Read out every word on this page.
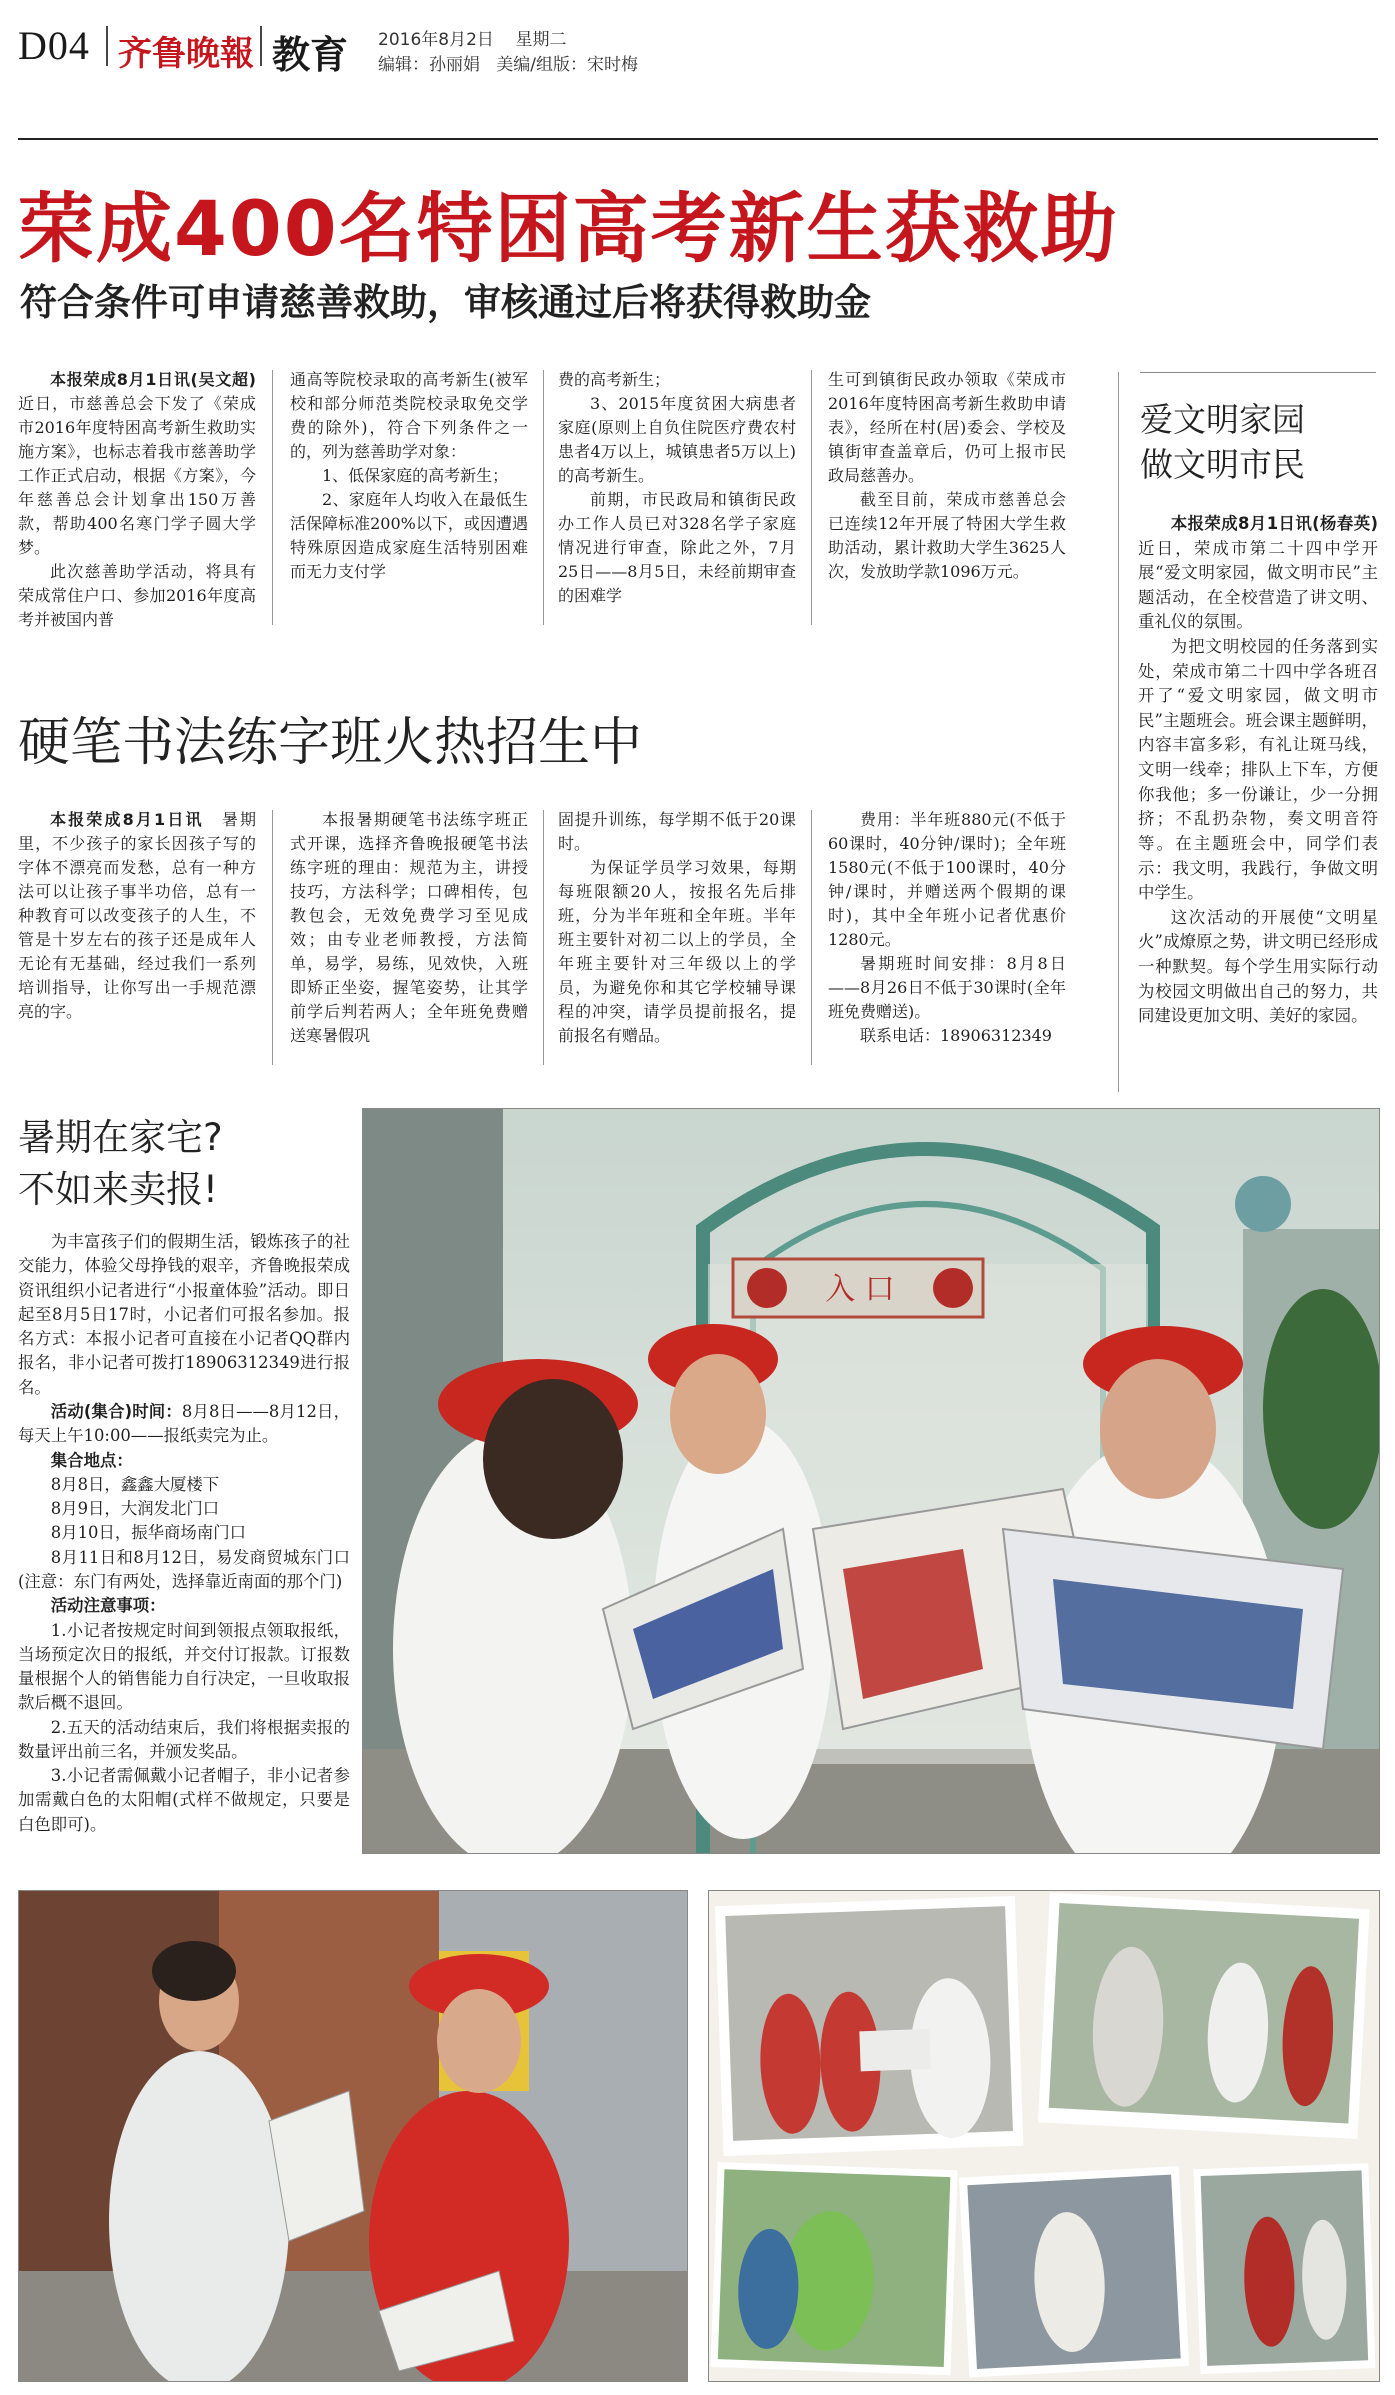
D04 齐鲁晚報 教育 2016年8月2日 星期二
编辑：孙丽娟 美编/组版：宋时梅
荣成400名特困高考新生获救助
符合条件可申请慈善救助，审核通过后将获得救助金

本报荣成8月1日讯(吴文超)　近日，市慈善总会下发了《荣成市2016年度特困高考新生救助实施方案》，也标志着我市慈善助学工作正式启动，根据《方案》，今年慈善总会计划拿出150万善款，帮助400名寒门学子圆大学梦。

此次慈善助学活动，将具有荣成常住户口、参加2016年度高考并被国内普

通高等院校录取的高考新生(被军校和部分师范类院校录取免交学费的除外)，符合下列条件之一的，列为慈善助学对象：

1、低保家庭的高考新生；

2、家庭年人均收入在最低生活保障标准200%以下，或因遭遇特殊原因造成家庭生活特别困难而无力支付学

费的高考新生；

3、2015年度贫困大病患者家庭(原则上自负住院医疗费农村患者4万以上，城镇患者5万以上)的高考新生。

前期，市民政局和镇街民政办工作人员已对328名学子家庭情况进行审查，除此之外，7月25日——8月5日，未经前期审查的困难学

生可到镇街民政办领取《荣成市2016年度特困高考新生救助申请表》，经所在村(居)委会、学校及镇街审查盖章后，仍可上报市民政局慈善办。

截至目前，荣成市慈善总会已连续12年开展了特困大学生救助活动，累计救助大学生3625人次，发放助学款1096万元。

爱文明家园
做文明市民

本报荣成8月1日讯(杨春英)　近日，荣成市第二十四中学开展“爱文明家园，做文明市民”主题活动，在全校营造了讲文明、重礼仪的氛围。

为把文明校园的任务落到实处，荣成市第二十四中学各班召开了“爱文明家园，做文明市民”主题班会。班会课主题鲜明，内容丰富多彩，有礼让斑马线，文明一线牵；排队上下车，方便你我他；多一份谦让，少一分拥挤；不乱扔杂物，奏文明音符等。在主题班会中，同学们表示：我文明，我践行，争做文明中学生。

这次活动的开展使“文明星火”成燎原之势，讲文明已经形成一种默契。每个学生用实际行动为校园文明做出自己的努力，共同建设更加文明、美好的家园。

硬笔书法练字班火热招生中

本报荣成8月1日讯　暑期里，不少孩子的家长因孩子写的字体不漂亮而发愁，总有一种方法可以让孩子事半功倍，总有一种教育可以改变孩子的人生，不管是十岁左右的孩子还是成年人无论有无基础，经过我们一系列培训指导，让你写出一手规范漂亮的字。

本报暑期硬笔书法练字班正式开课，选择齐鲁晚报硬笔书法练字班的理由：规范为主，讲授技巧，方法科学；口碑相传，包教包会，无效免费学习至见成效；由专业老师教授，方法简单，易学，易练，见效快，入班即矫正坐姿，握笔姿势，让其学前学后判若两人；全年班免费赠送寒暑假巩

固提升训练，每学期不低于20课时。

为保证学员学习效果，每期每班限额20人，按报名先后排班，分为半年班和全年班。半年班主要针对初二以上的学员，全年班主要针对三年级以上的学员，为避免你和其它学校辅导课程的冲突，请学员提前报名，提前报名有赠品。

费用：半年班880元(不低于60课时，40分钟/课时)；全年班1580元(不低于100课时，40分钟/课时，并赠送两个假期的课时)，其中全年班小记者优惠价1280元。

暑期班时间安排：8月8日——8月26日不低于30课时(全年班免费赠送)。

联系电话：18906312349

暑期在家宅?
不如来卖报!

为丰富孩子们的假期生活，锻炼孩子的社交能力，体验父母挣钱的艰辛，齐鲁晚报荣成资讯组织小记者进行“小报童体验”活动。即日起至8月5日17时，小记者们可报名参加。报名方式：本报小记者可直接在小记者QQ群内报名，非小记者可拨打18906312349进行报名。

活动(集合)时间：8月8日——8月12日，每天上午10:00——报纸卖完为止。

集合地点：

8月8日，鑫鑫大厦楼下

8月9日，大润发北门口

8月10日，振华商场南门口

8月11日和8月12日，易发商贸城东门口(注意：东门有两处，选择靠近南面的那个门)

活动注意事项：

1.小记者按规定时间到领报点领取报纸，当场预定次日的报纸，并交付订报款。订报数量根据个人的销售能力自行决定，一旦收取报款后概不退回。

2.五天的活动结束后，我们将根据卖报的数量评出前三名，并颁发奖品。

3.小记者需佩戴小记者帽子，非小记者参加需戴白色的太阳帽(式样不做规定，只要是白色即可)。

入 口
